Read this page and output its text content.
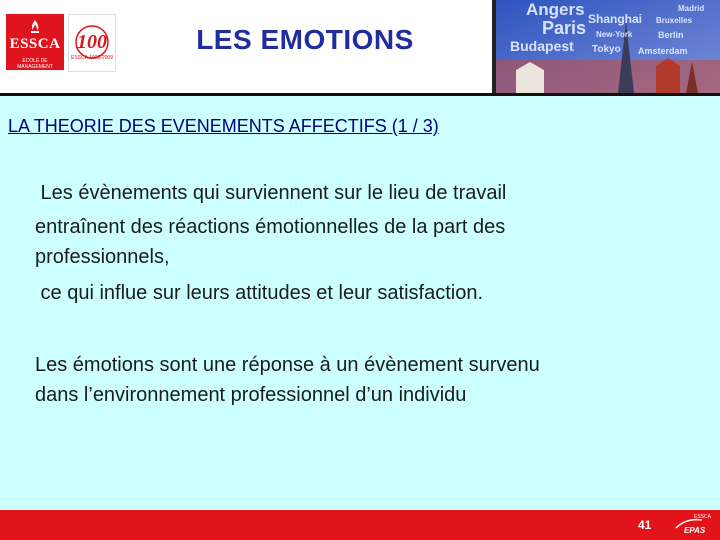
ESSCA
ECOLE DE MANAGEMENT
100
ESSCA 1909-2009
LES EMOTIONS
Angers Shanghai
Paris
Budapest Tokyo
Berlin
Amsterdam
New-York
Bruxelles
Madrid
LA THEORIE DES EVENEMENTS AFFECTIFS (1 / 3)
Les évènements qui surviennent sur le lieu de travail
entraînent des réactions émotionnelles de la part des
professionnels,
ce qui influe sur leurs attitudes et leur satisfaction.
Les émotions sont une réponse à un évènement survenu
dans l’environnement professionnel d’un individu
41
ESSCA
EPAS
